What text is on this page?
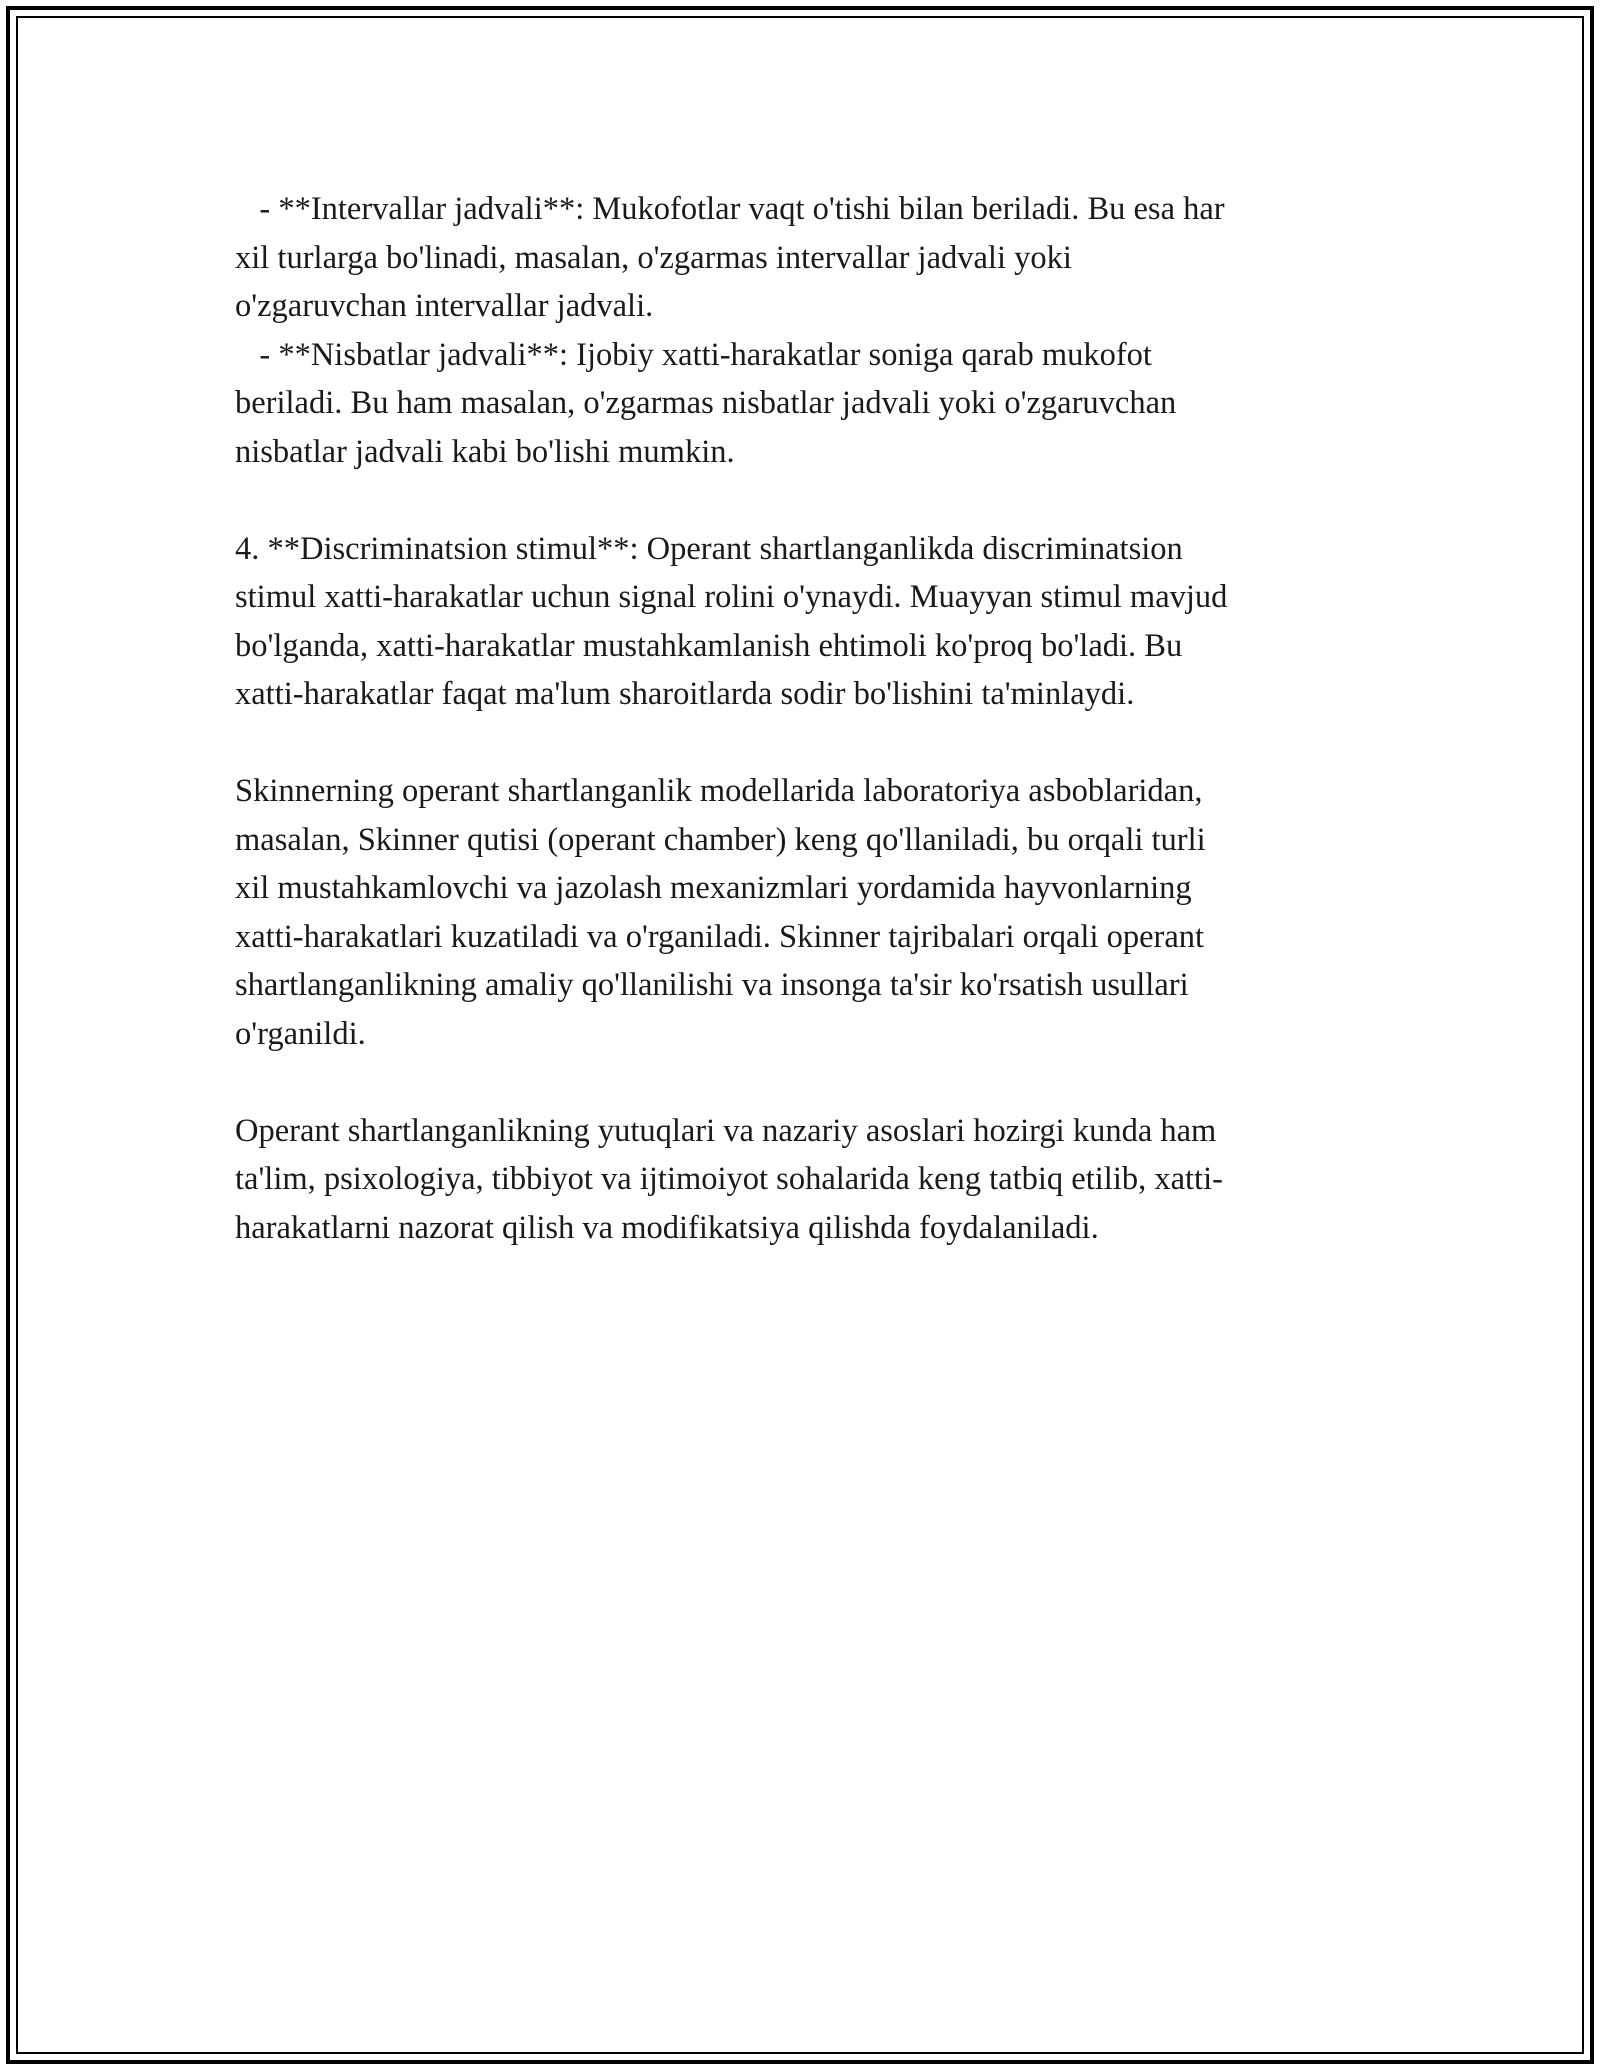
- **Intervallar jadvali**: Mukofotlar vaqt o'tishi bilan beriladi. Bu esa har
xil turlarga bo'linadi, masalan, o'zgarmas intervallar jadvali yoki
o'zgaruvchan intervallar jadvali.
- **Nisbatlar jadvali**: Ijobiy xatti-harakatlar soniga qarab mukofot
beriladi. Bu ham masalan, o'zgarmas nisbatlar jadvali yoki o'zgaruvchan
nisbatlar jadvali kabi bo'lishi mumkin.
4. **Discriminatsion stimul**: Operant shartlanganlikda discriminatsion
stimul xatti-harakatlar uchun signal rolini o'ynaydi. Muayyan stimul mavjud
bo'lganda, xatti-harakatlar mustahkamlanish ehtimoli ko'proq bo'ladi. Bu
xatti-harakatlar faqat ma'lum sharoitlarda sodir bo'lishini ta'minlaydi.
Skinnerning operant shartlanganlik modellarida laboratoriya asboblaridan,
masalan, Skinner qutisi (operant chamber) keng qo'llaniladi, bu orqali turli
xil mustahkamlovchi va jazolash mexanizmlari yordamida hayvonlarning
xatti-harakatlari kuzatiladi va o'rganiladi. Skinner tajribalari orqali operant
shartlanganlikning amaliy qo'llanilishi va insonga ta'sir ko'rsatish usullari
o'rganildi.
Operant shartlanganlikning yutuqlari va nazariy asoslari hozirgi kunda ham
ta'lim, psixologiya, tibbiyot va ijtimoiyot sohalarida keng tatbiq etilib, xatti-
harakatlarni nazorat qilish va modifikatsiya qilishda foydalaniladi.
